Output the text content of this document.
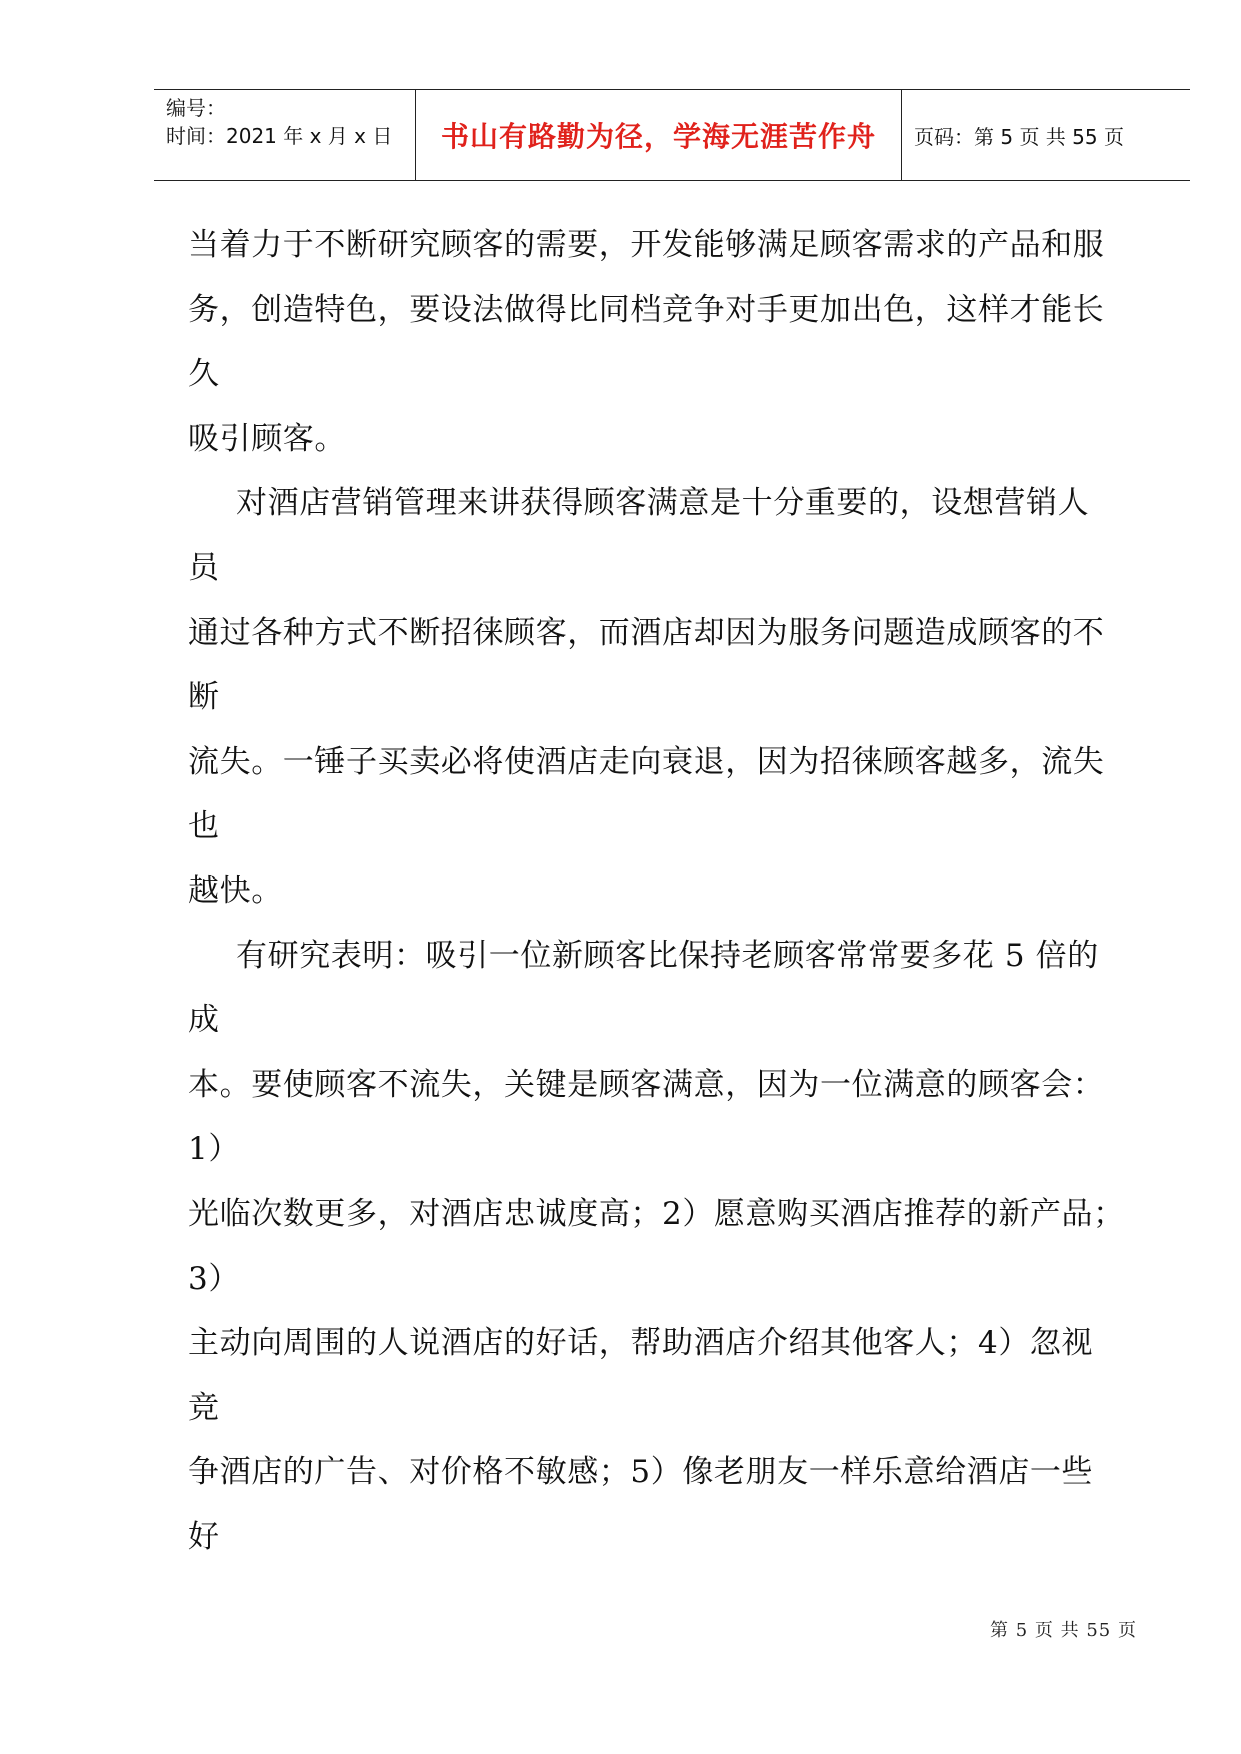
编号：
时间：2021 年 x 月 x 日	书山有路勤为径，学海无涯苦作舟 页码：第 5 页 共 55 页
当着力于不断研究顾客的需要，开发能够满足顾客需求的产品和服
务，创造特色，要设法做得比同档竞争对手更加出色，这样才能长
久
吸引顾客。
对酒店营销管理来讲获得顾客满意是十分重要的，设想营销人
员
通过各种方式不断招徕顾客，而酒店却因为服务问题造成顾客的不
断
流失。一锤子买卖必将使酒店走向衰退，因为招徕顾客越多，流失
也
越快。
有研究表明：吸引一位新顾客比保持老顾客常常要多花 5 倍的
成
本。要使顾客不流失，关键是顾客满意，因为一位满意的顾客会：
1）
光临次数更多，对酒店忠诚度高；2）愿意购买酒店推荐的新产品；
3）
主动向周围的人说酒店的好话，帮助酒店介绍其他客人；4）忽视
竞
争酒店的广告、对价格不敏感；5）像老朋友一样乐意给酒店一些
好
第 5 页 共 55 页
